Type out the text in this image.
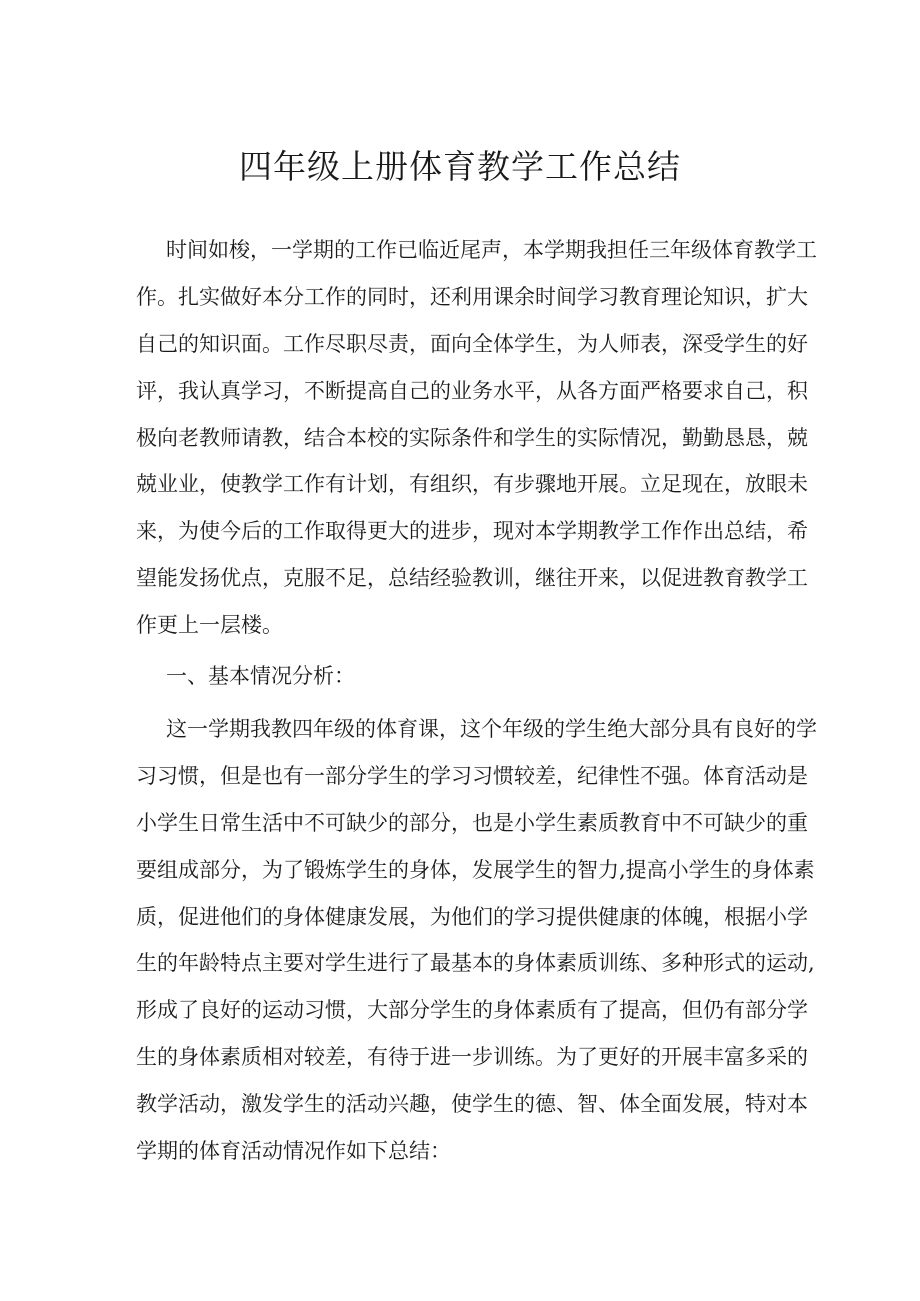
四年级上册体育教学工作总结
时间如梭，一学期的工作已临近尾声，本学期我担任三年级体育教学工
作。扎实做好本分工作的同时，还利用课余时间学习教育理论知识，扩大
自己的知识面。工作尽职尽责，面向全体学生，为人师表，深受学生的好
评，我认真学习，不断提高自己的业务水平，从各方面严格要求自己，积
极向老教师请教，结合本校的实际条件和学生的实际情况，勤勤恳恳，兢
兢业业，使教学工作有计划，有组织，有步骤地开展。立足现在，放眼未
来，为使今后的工作取得更大的进步，现对本学期教学工作作出总结，希
望能发扬优点，克服不足，总结经验教训，继往开来，以促进教育教学工
作更上一层楼。
一、基本情况分析：
这一学期我教四年级的体育课，这个年级的学生绝大部分具有良好的学
习习惯，但是也有一部分学生的学习习惯较差，纪律性不强。体育活动是
小学生日常生活中不可缺少的部分，也是小学生素质教育中不可缺少的重
要组成部分，为了锻炼学生的身体，发展学生的智力,提高小学生的身体素
质，促进他们的身体健康发展，为他们的学习提供健康的体魄，根据小学
生的年龄特点主要对学生进行了最基本的身体素质训练、多种形式的运动,
形成了良好的运动习惯，大部分学生的身体素质有了提高，但仍有部分学
生的身体素质相对较差，有待于进一步训练。为了更好的开展丰富多采的
教学活动，激发学生的活动兴趣，使学生的德、智、体全面发展，特对本
学期的体育活动情况作如下总结：
